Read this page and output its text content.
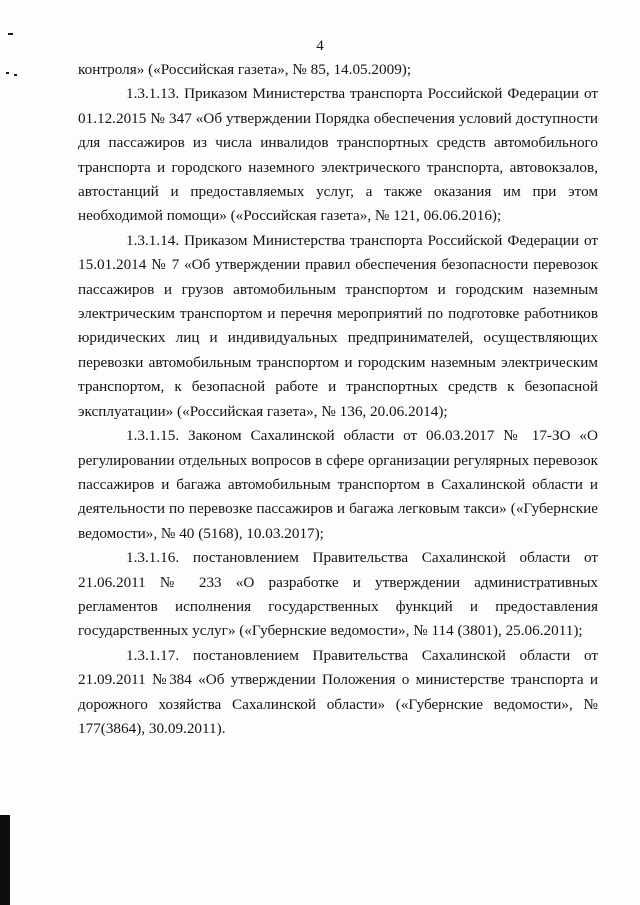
4

контроля» («Российская газета», № 85, 14.05.2009);

1.3.1.13. Приказом Министерства транспорта Российской Федерации от 01.12.2015 № 347 «Об утверждении Порядка обеспечения условий доступности для пассажиров из числа инвалидов транспортных средств автомобильного транспорта и городского наземного электрического транспорта, автовокзалов, автостанций и предоставляемых услуг, а также оказания им при этом необходимой помощи» («Российская газета», № 121, 06.06.2016);

1.3.1.14. Приказом Министерства транспорта Российской Федерации от 15.01.2014 № 7 «Об утверждении правил обеспечения безопасности перевозок пассажиров и грузов автомобильным транспортом и городским наземным электрическим транспортом и перечня мероприятий по подготовке работников юридических лиц и индивидуальных предпринимателей, осуществляющих перевозки автомобильным транспортом и городским наземным электрическим транспортом, к безопасной работе и транспортных средств к безопасной эксплуатации» («Российская газета», № 136, 20.06.2014);

1.3.1.15. Законом Сахалинской области от 06.03.2017 № 17-ЗО «О регулировании отдельных вопросов в сфере организации регулярных перевозок пассажиров и багажа автомобильным транспортом в Сахалинской области и деятельности по перевозке пассажиров и багажа легковым такси» («Губернские ведомости», № 40 (5168), 10.03.2017);

1.3.1.16. постановлением Правительства Сахалинской области от 21.06.2011 № 233 «О разработке и утверждении административных регламентов исполнения государственных функций и предоставления государственных услуг» («Губернские ведомости», № 114 (3801), 25.06.2011);

1.3.1.17. постановлением Правительства Сахалинской области от 21.09.2011 №384 «Об утверждении Положения о министерстве транспорта и дорожного хозяйства Сахалинской области» («Губернские ведомости», № 177(3864), 30.09.2011).
